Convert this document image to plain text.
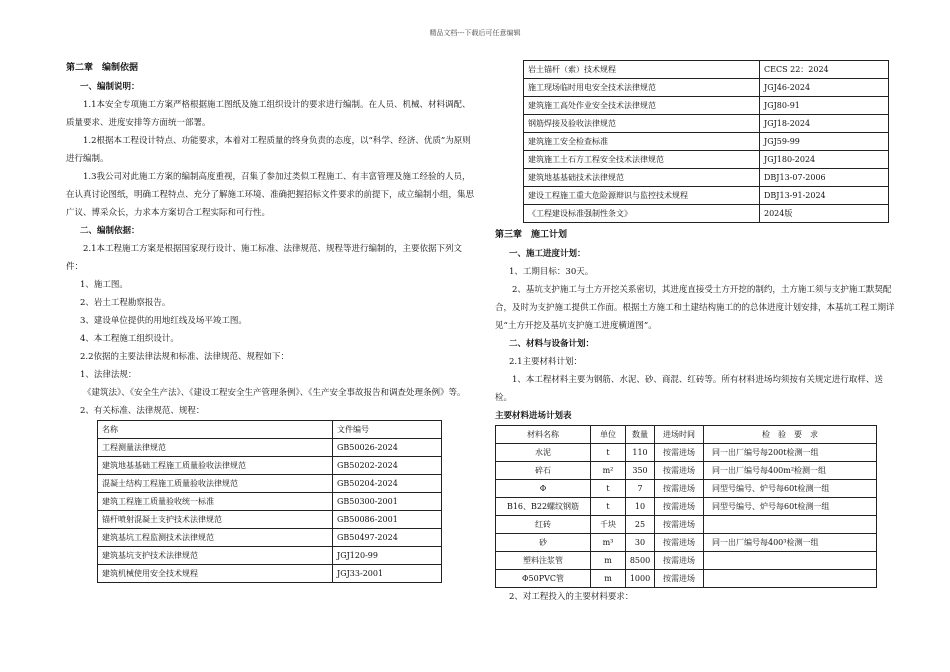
精品文档---下载后可任意编辑
第二章　编制依据
一、编制说明：

1.1本安全专项施工方案严格根据施工图纸及施工组织设计的要求进行编制。在人员、机械、材料调配、质量要求、进度安排等方面统一部署。

1.2根据本工程设计特点、功能要求，本着对工程质量的终身负责的态度，以“科学、经济、优质”为原则进行编制。

1.3我公司对此施工方案的编制高度重视，召集了参加过类似工程施工、有丰富管理及施工经验的人员，在认真讨论图纸，明确工程特点、充分了解施工环境、准确把握招标文件要求的前提下，成立编制小组，集思广议、博采众长，力求本方案切合工程实际和可行性。

二、编制依据：

2.1本工程施工方案是根据国家现行设计、施工标准、法律规范、规程等进行编制的，主要依据下列文件：

1、施工图。

2、岩土工程勘察报告。

3、建设单位提供的用地红线及场平竣工图。

4、本工程施工组织设计。

2.2依据的主要法律法规和标准、法律规范、规程如下：

1、法律法规：

《建筑法》、《安全生产法》、《建设工程安全生产管理条例》、《生产安全事故报告和调查处理条例》等。

2、有关标准、法律规范、规程：

名称	文件编号
工程测量法律规范	GB50026-2024
建筑地基基础工程施工质量验收法律规范	GB50202-2024
混凝土结构工程施工质量验收法律规范	GB50204-2024
建筑工程施工质量验收统一标准	GB50300-2001
锚杆喷射混凝土支护技术法律规范	GB50086-2001
建筑基坑工程监测技术法律规范	GB50497-2024
建筑基坑支护技术法律规范	JGJ120-99
建筑机械使用安全技术规程	JGJ33-2001
岩土锚杆（索）技术规程	CECS 22：2024
施工现场临时用电安全技术法律规范	JGJ46-2024
建筑施工高处作业安全技术法律规范	JGJ80-91
钢筋焊接及验收法律规范	JGJ18-2024
建筑施工安全检查标准	JGJ59-99
建筑施工土石方工程安全技术法律规范	JGJ180-2024
建筑地基基础技术法律规范	DBJ13-07-2006
建设工程施工重大危险源辩识与监控技术规程	DBJ13-91-2024
《工程建设标准强制性条文》	2024版
第三章　施工计划
一、施工进度计划：

1、工期目标：30天。

2、基坑支护施工与土方开挖关系密切，其进度直接受土方开挖的制约，土方施工须与支护施工默契配合，及时为支护施工提供工作面。根据土方施工和土建结构施工的的总体进度计划安排，本基坑工程工期详见“土方开挖及基坑支护施工进度横道图”。

二、材料与设备计划：

2.1主要材料计划：

1、本工程材料主要为钢筋、水泥、砂、商混、红砖等。所有材料进场均须按有关规定进行取样、送检。

主要材料进场计划表
材料名称	单位	数量	进场时间	检　验　要　求
水泥	t	110	按需进场	同一出厂编号每200t检测一组
碎石	m²	350	按需进场	同一出厂编号每400m²检测一组
Φ	t	7	按需进场	同型号编号、炉号每60t检测一组
B16、B22螺纹钢筋	t	10	按需进场	同型号编号、炉号每60t检测一组
红砖	千块	25	按需进场	
砂	m³	30	按需进场	同一出厂编号每400³检测一组
塑料注浆管	m	8500	按需进场	
Φ50PVC管	m	1000	按需进场	

2、对工程投入的主要材料要求：
